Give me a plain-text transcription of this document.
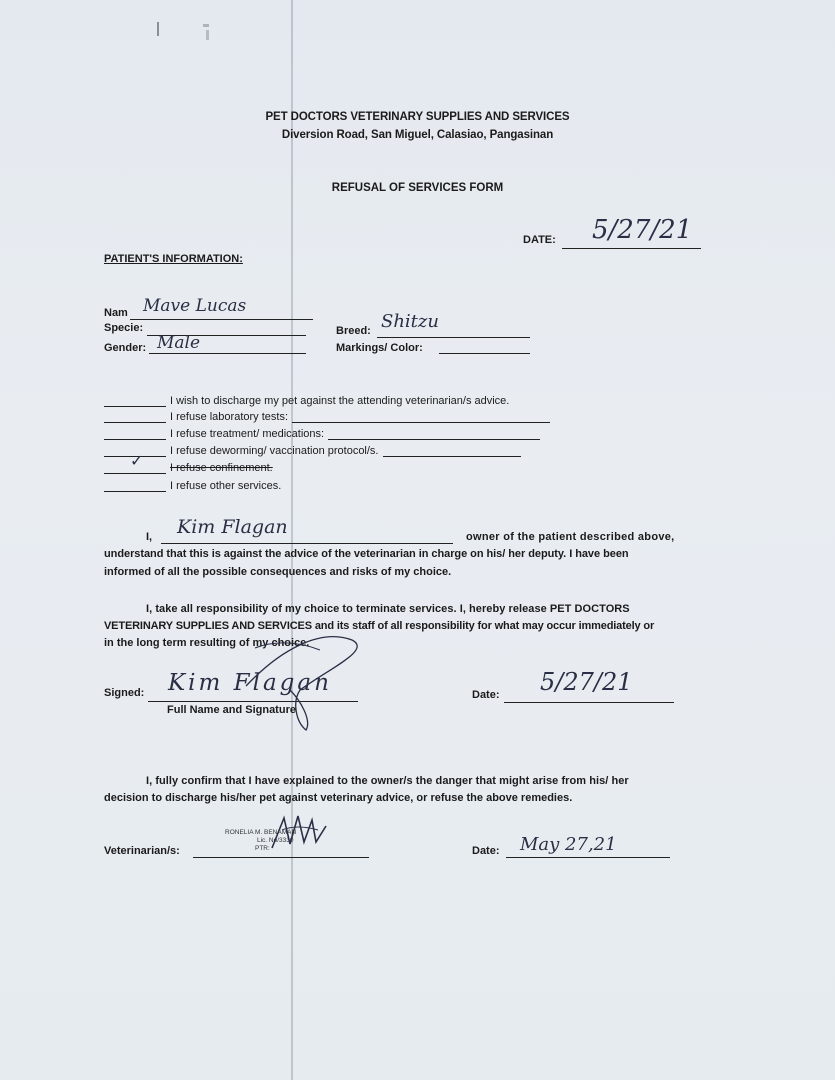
PET DOCTORS VETERINARY SUPPLIES AND SERVICES
Diversion Road, San Miguel, Calasiao, Pangasinan
REFUSAL OF SERVICES FORM
DATE: 5/27/21
PATIENT'S INFORMATION:
Nam Mave Lucas
Specie:
Gender: Male
Breed: Shitzu
Markings/ Color:
I wish to discharge my pet against the attending veterinarian/s advice.
I refuse laboratory tests:
I refuse treatment/ medications:
I refuse deworming/ vaccination protocol/s.
✓ I refuse confinement.
I refuse other services.
I, Kim Flagan	owner of the patient described above,
understand that this is against the advice of the veterinarian in charge on his/ her deputy. I have been
informed of all the possible consequences and risks of my choice.
I, take all responsibility of my choice to terminate services. I, hereby release PET DOCTORS
VETERINARY SUPPLIES AND SERVICES and its staff of all responsibility for what may occur immediately or
in the long term resulting of my choice.
Signed: Kim Flagan
Full Name and Signature
Date: 5/27/21
I, fully confirm that I have explained to the owner/s the danger that might arise from his/ her
decision to discharge his/her pet against veterinary advice, or refuse the above remedies.
Veterinarian/s:
RONELIA M. BENAMAN
Lic. No/3330
PTR:	Date: May 27,21
